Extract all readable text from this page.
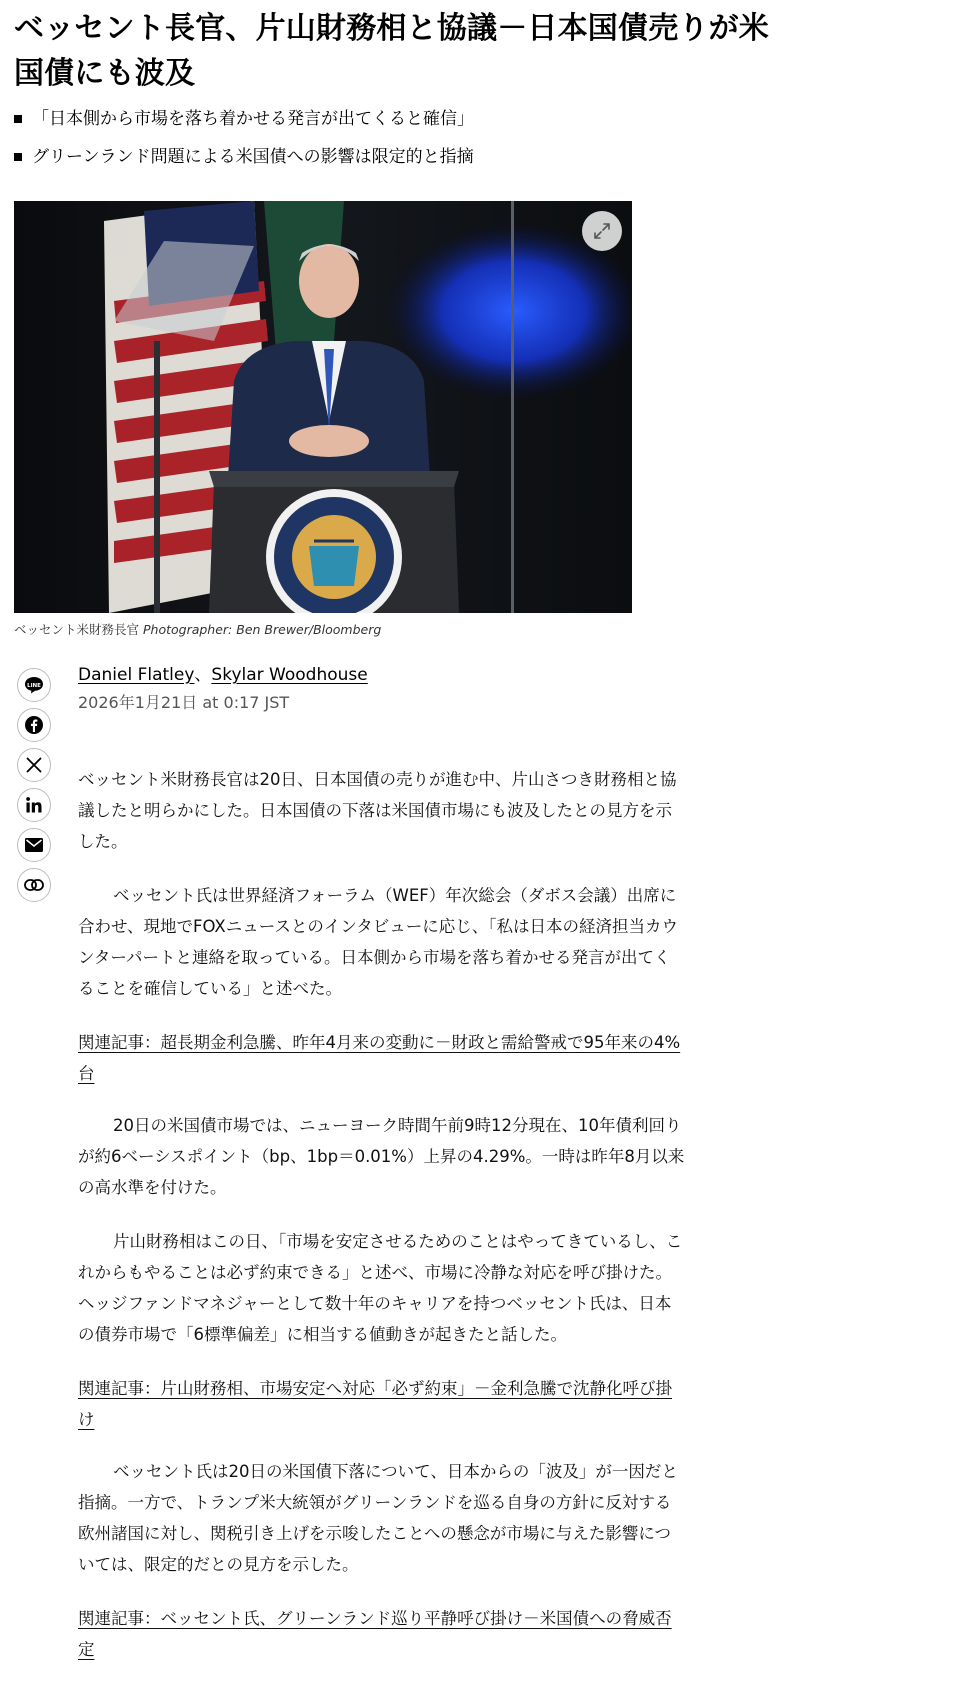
ベッセント長官、片山財務相と協議－日本国債売りが米国債にも波及
「日本側から市場を落ち着かせる発言が出てくると確信」
グリーンランド問題による米国債への影響は限定的と指摘
ベッセント米財務長官 Photographer: Ben Brewer/Bloomberg
LINE
Daniel Flatley、Skylar Woodhouse
2026年1月21日 at 0:17 JST

ベッセント米財務長官は20日、日本国債の売りが進む中、片山さつき財務相と協議したと明らかにした。日本国債の下落は米国債市場にも波及したとの見方を示した。

ベッセント氏は世界経済フォーラム（WEF）年次総会（ダボス会議）出席に合わせ、現地でFOXニュースとのインタビューに応じ、「私は日本の経済担当カウンターパートと連絡を取っている。日本側から市場を落ち着かせる発言が出てくることを確信している」と述べた。

関連記事：超長期金利急騰、昨年4月来の変動に－財政と需給警戒で95年来の4%台

20日の米国債市場では、ニューヨーク時間午前9時12分現在、10年債利回りが約6ベーシスポイント（bp、1bp＝0.01%）上昇の4.29%。一時は昨年8月以来の高水準を付けた。

片山財務相はこの日、「市場を安定させるためのことはやってきているし、これからもやることは必ず約束できる」と述べ、市場に冷静な対応を呼び掛けた。ヘッジファンドマネジャーとして数十年のキャリアを持つベッセント氏は、日本の債券市場で「6標準偏差」に相当する値動きが起きたと話した。

関連記事：片山財務相、市場安定へ対応「必ず約束」－金利急騰で沈静化呼び掛け

ベッセント氏は20日の米国債下落について、日本からの「波及」が一因だと指摘。一方で、トランプ米大統領がグリーンランドを巡る自身の方針に反対する欧州諸国に対し、関税引き上げを示唆したことへの懸念が市場に与えた影響については、限定的だとの見方を示した。

関連記事：ベッセント氏、グリーンランド巡り平静呼び掛け－米国債への脅威否定
